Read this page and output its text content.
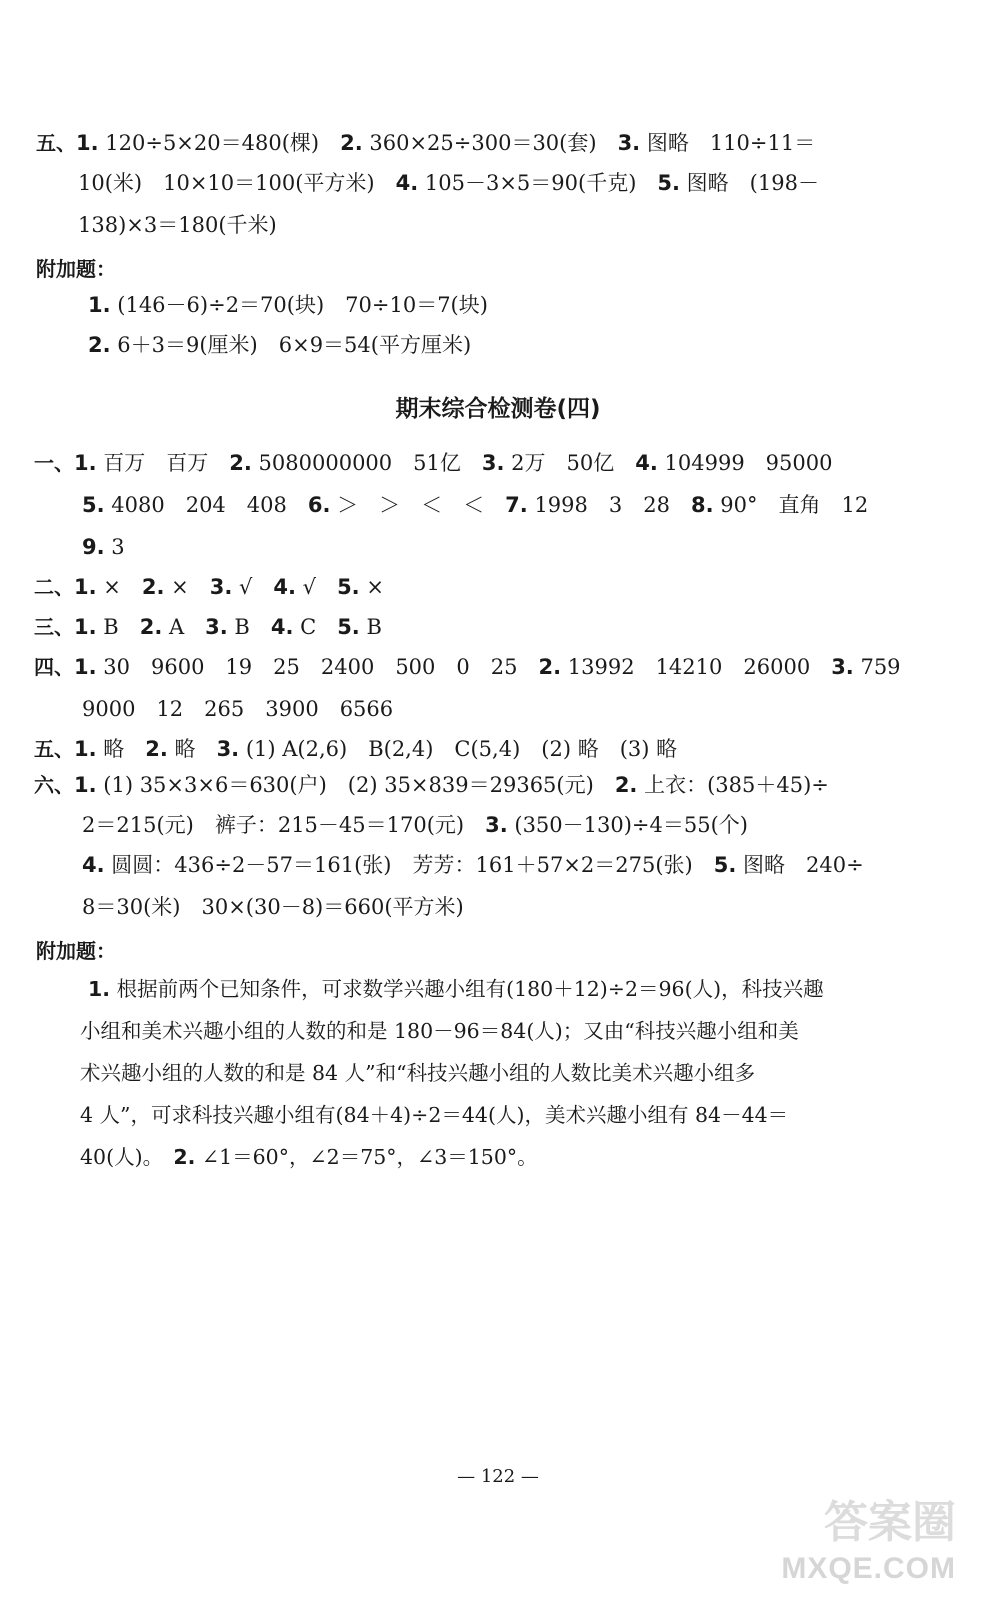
五、1. 120÷5×20＝480(棵)　2. 360×25÷300＝30(套)　3. 图略　110÷11＝
10(米)　10×10＝100(平方米)　4. 105－3×5＝90(千克)　5. 图略　(198－
138)×3＝180(千米)
附加题：
1. (146－6)÷2＝70(块)　70÷10＝7(块)
2. 6＋3＝9(厘米)　6×9＝54(平方厘米)
期末综合检测卷(四)
一、1. 百万　百万　2. 5080000000　51亿　3. 2万　50亿　4. 104999　95000
5. 4080　204　408　6. ＞　＞　＜　＜　7. 1998　3　28　8. 90°　直角　12
9. 3
二、1. ×　2. ×　3. √　4. √　5. ×
三、1. B　2. A　3. B　4. C　5. B
四、1. 30　9600　19　25　2400　500　0　25　2. 13992　14210　26000　3. 759
9000　12　265　3900　6566
五、1. 略　2. 略　3. (1) A(2,6)　B(2,4)　C(5,4)　(2) 略　(3) 略
六、1. (1) 35×3×6＝630(户)　(2) 35×839＝29365(元)　2. 上衣：(385＋45)÷
2＝215(元)　裤子：215－45＝170(元)　3. (350－130)÷4＝55(个)
4. 圆圆：436÷2－57＝161(张)　芳芳：161＋57×2＝275(张)　5. 图略　240÷
8＝30(米)　30×(30－8)＝660(平方米)
附加题：
1. 根据前两个已知条件，可求数学兴趣小组有(180＋12)÷2＝96(人)，科技兴趣
小组和美术兴趣小组的人数的和是 180－96＝84(人)；又由“科技兴趣小组和美
术兴趣小组的人数的和是 84 人”和“科技兴趣小组的人数比美术兴趣小组多
4 人”，可求科技兴趣小组有(84＋4)÷2＝44(人)，美术兴趣小组有 84－44＝
40(人)。　2. ∠1＝60°，∠2＝75°，∠3＝150°。
— 122 —
答案圈
MXQE.COM
